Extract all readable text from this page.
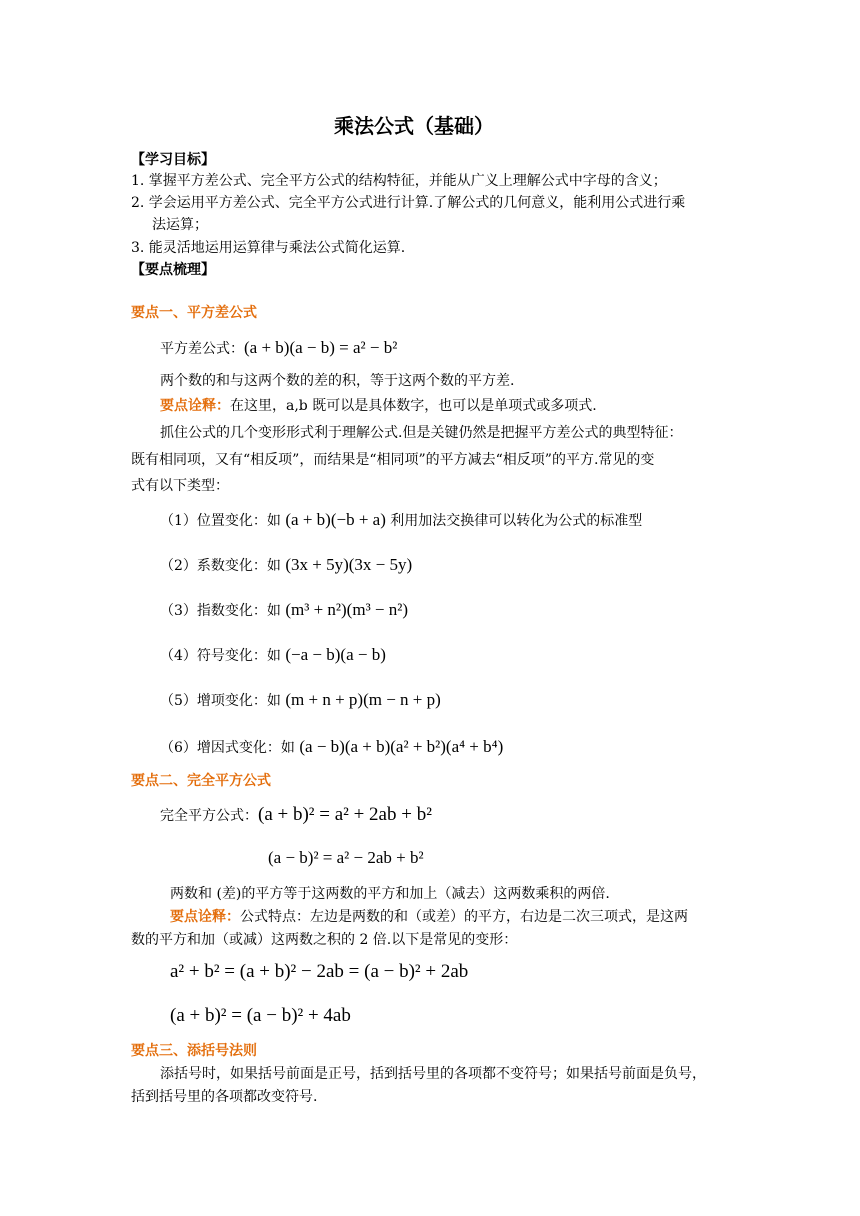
乘法公式（基础）
【学习目标】
1. 掌握平方差公式、完全平方公式的结构特征，并能从广义上理解公式中字母的含义；
2. 学会运用平方差公式、完全平方公式进行计算.了解公式的几何意义，能利用公式进行乘
法运算；
3. 能灵活地运用运算律与乘法公式简化运算.
【要点梳理】
要点一、平方差公式
平方差公式：(a + b)(a − b) = a² − b²
两个数的和与这两个数的差的积，等于这两个数的平方差.
要点诠释：在这里，a,b 既可以是具体数字，也可以是单项式或多项式.
抓住公式的几个变形形式利于理解公式.但是关键仍然是把握平方差公式的典型特征：
既有相同项，又有“相反项”，而结果是“相同项”的平方减去“相反项”的平方.常见的变
式有以下类型：
（1）位置变化：如 (a + b)(−b + a) 利用加法交换律可以转化为公式的标准型
（2）系数变化：如 (3x + 5y)(3x − 5y)
（3）指数变化：如 (m³ + n²)(m³ − n²)
（4）符号变化：如 (−a − b)(a − b)
（5）增项变化：如 (m + n + p)(m − n + p)
（6）增因式变化：如 (a − b)(a + b)(a² + b²)(a⁴ + b⁴)
要点二、完全平方公式
完全平方公式：(a + b)² = a² + 2ab + b²
(a − b)² = a² − 2ab + b²
两数和 (差)的平方等于这两数的平方和加上（减去）这两数乘积的两倍.
要点诠释：公式特点：左边是两数的和（或差）的平方，右边是二次三项式，是这两
数的平方和加（或减）这两数之积的 2 倍.以下是常见的变形：
a² + b² = (a + b)² − 2ab = (a − b)² + 2ab
(a + b)² = (a − b)² + 4ab
要点三、添括号法则
添括号时，如果括号前面是正号，括到括号里的各项都不变符号；如果括号前面是负号，
括到括号里的各项都改变符号.
